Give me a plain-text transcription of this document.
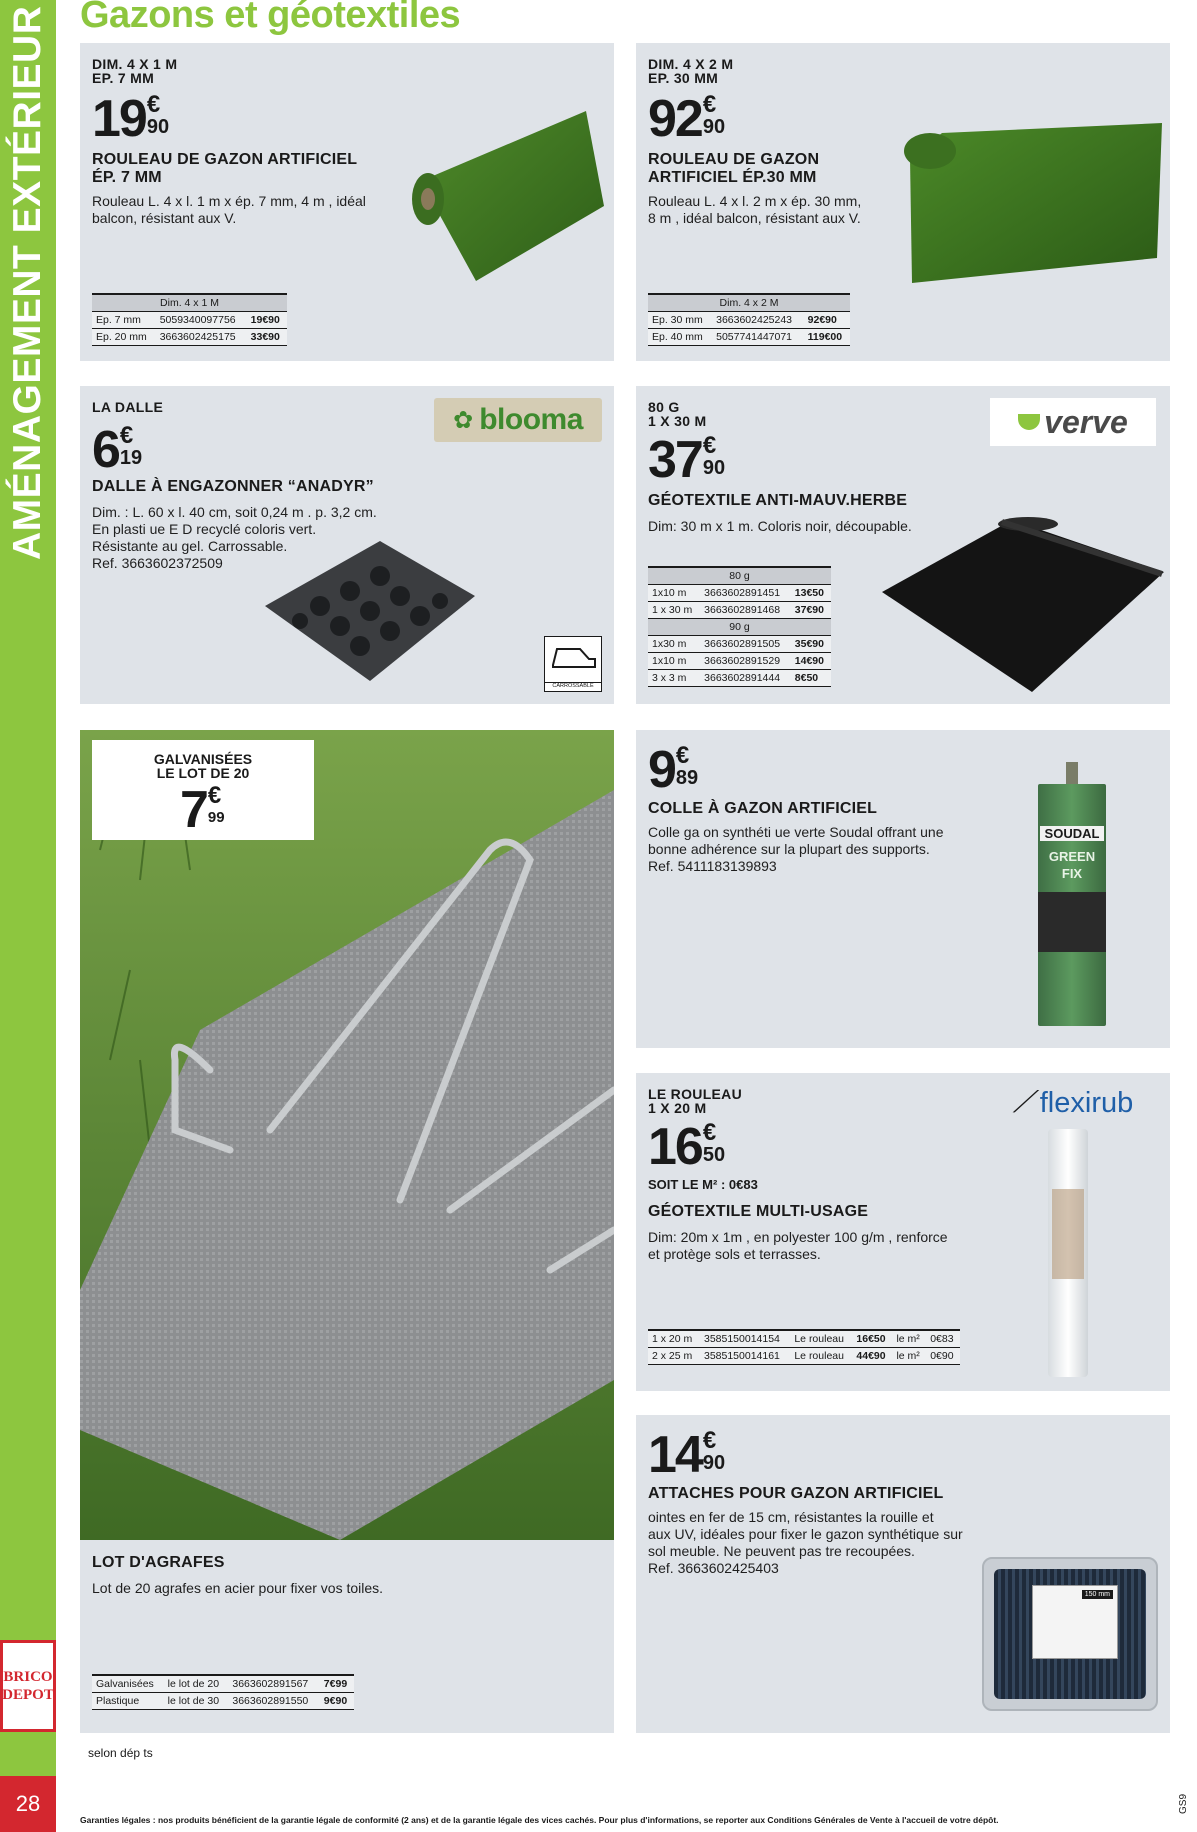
AMÉNAGEMENT EXTÉRIEUR
BRICO
DEPOT
28
Gazons et géotextiles
DIM. 4 X 1 M
EP. 7 MM
19 €
90
ROULEAU DE GAZON ARTIFICIEL
ÉP. 7 MM
Rouleau L. 4 x l. 1 m x ép. 7 mm, 4 m , idéal
balcon, résistant aux V.
Dim. 4 x 1 M		
Ep. 7 mm	5059340097756	19€90
Ep. 20 mm	3663602425175	33€90
DIM. 4 X 2 M
EP. 30 MM
92 €
90
ROULEAU DE GAZON
ARTIFICIEL ÉP.30 MM
Rouleau L. 4 x l. 2 m x ép. 30 mm,
8 m , idéal balcon, résistant aux V.
Dim. 4 x 2 M		
Ep. 30 mm	3663602425243	92€90
Ep. 40 mm	5057741447071	119€00
LA DALLE
6 €
19
DALLE À ENGAZONNER “ANADYR”
Dim. : L. 60 x l. 40 cm, soit 0,24 m . p. 3,2 cm.
En plasti ue E D recyclé coloris vert.
Résistante au gel. Carrossable.
Ref. 3663602372509
✿ blooma
CARROSSABLE
80 G
1 X 30 M
37 €
90
GÉOTEXTILE ANTI-MAUV.HERBE
Dim: 30 m x 1 m. Coloris noir, découpable.
verve
80 g		
1x10 m	3663602891451	13€50
1 x 30 m	3663602891468	37€90
90 g		
1x30 m	3663602891505	35€90
1x10 m	3663602891529	14€90
3 x 3 m	3663602891444	8€50
GALVANISÉES
LE LOT DE 20
7 €
99
LOT D'AGRAFES
Lot de 20 agrafes en acier pour fixer vos toiles.
Galvanisées	le lot de 20	3663602891567	7€99
Plastique	le lot de 30	3663602891550	9€90
9 €
89
COLLE À GAZON ARTIFICIEL
Colle ga on synthéti ue verte Soudal offrant une
bonne adhérence sur la plupart des supports.
Ref. 5411183139893
SOUDAL
GREEN
FIX
LE ROULEAU
1 X 20 M
16 €
50
SOIT LE M² : 0€83
GÉOTEXTILE MULTI-USAGE
Dim: 20m x 1m , en polyester 100 g/m , renforce
et protège sols et terrasses.
⟋ flexirub
1 x 20 m	3585150014154	Le rouleau	16€50	le m²	0€83
2 x 25 m	3585150014161	Le rouleau	44€90	le m²	0€90
14 €
90
ATTACHES POUR GAZON ARTIFICIEL
ointes en fer de 15 cm, résistantes la rouille et
aux UV, idéales pour fixer le gazon synthétique sur
sol meuble. Ne peuvent pas tre recoupées.
Ref. 3663602425403
150 mm
selon dép ts
Garanties légales : nos produits bénéficient de la garantie légale de conformité (2 ans) et de la garantie légale des vices cachés. Pour plus d'informations, se reporter aux Conditions Générales de Vente à l'accueil de votre dépôt.
GS9
